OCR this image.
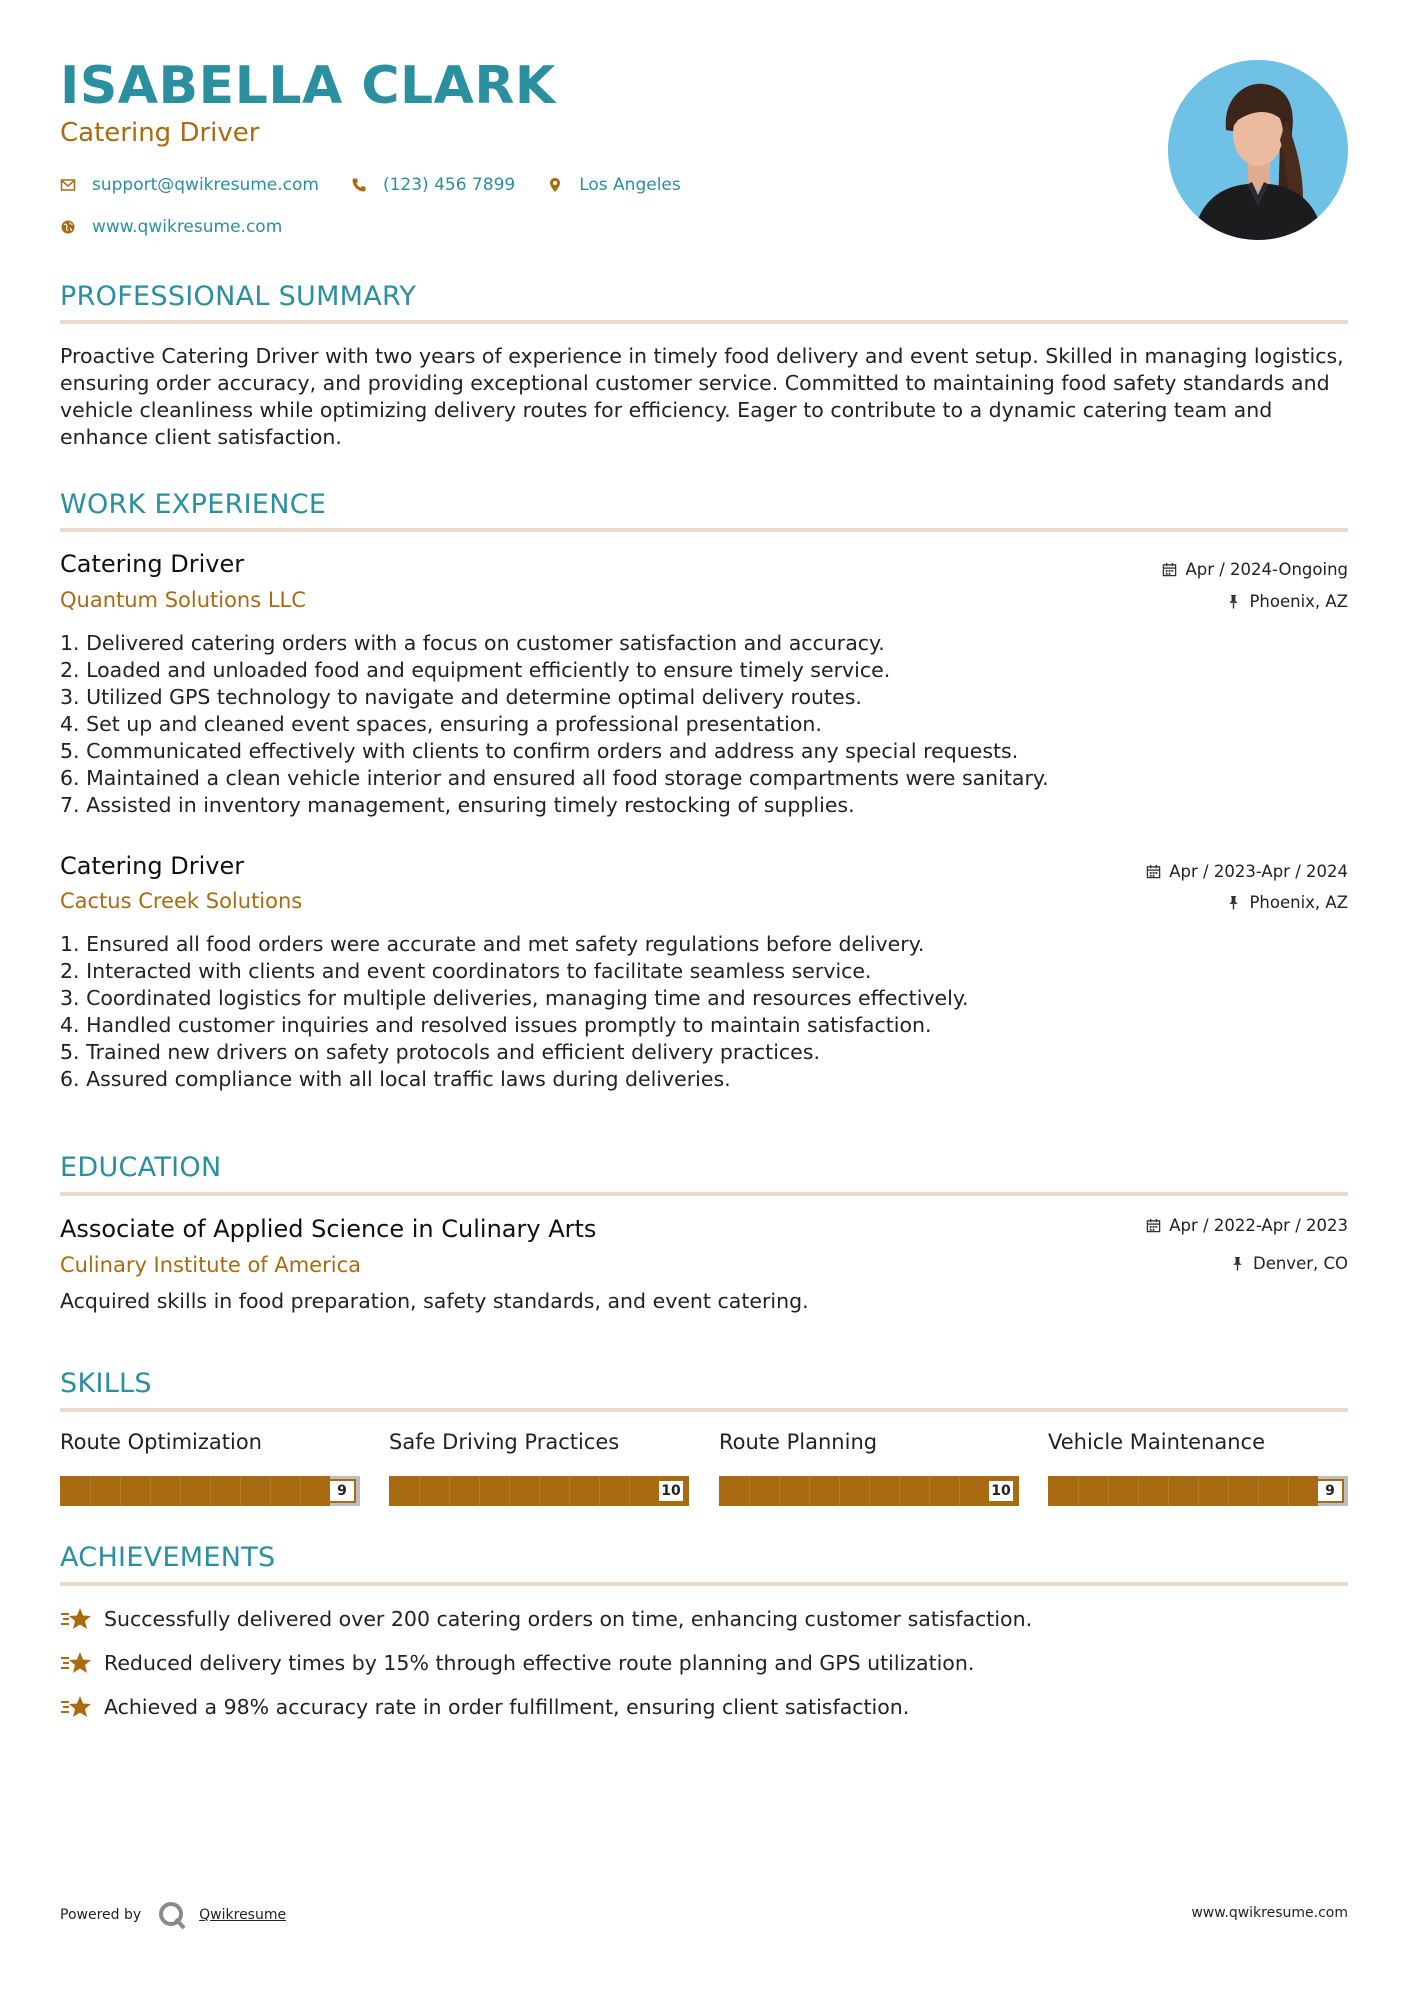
ISABELLA CLARK
Catering Driver
support@qwikresume.com	(123) 456 7899	Los Angeles
www.qwikresume.com
PROFESSIONAL SUMMARY
Proactive Catering Driver with two years of experience in timely food delivery and event setup. Skilled in managing logistics, ensuring order accuracy, and providing exceptional customer service. Committed to maintaining food safety standards and vehicle cleanliness while optimizing delivery routes for efficiency. Eager to contribute to a dynamic catering team and enhance client satisfaction.
WORK EXPERIENCE
Catering Driver
Quantum Solutions LLC
Apr / 2024-Ongoing
Phoenix, AZ
1. Delivered catering orders with a focus on customer satisfaction and accuracy.
2. Loaded and unloaded food and equipment efficiently to ensure timely service.
3. Utilized GPS technology to navigate and determine optimal delivery routes.
4. Set up and cleaned event spaces, ensuring a professional presentation.
5. Communicated effectively with clients to confirm orders and address any special requests.
6. Maintained a clean vehicle interior and ensured all food storage compartments were sanitary.
7. Assisted in inventory management, ensuring timely restocking of supplies.
Catering Driver
Cactus Creek Solutions
Apr / 2023-Apr / 2024
Phoenix, AZ
1. Ensured all food orders were accurate and met safety regulations before delivery.
2. Interacted with clients and event coordinators to facilitate seamless service.
3. Coordinated logistics for multiple deliveries, managing time and resources effectively.
4. Handled customer inquiries and resolved issues promptly to maintain satisfaction.
5. Trained new drivers on safety protocols and efficient delivery practices.
6. Assured compliance with all local traffic laws during deliveries.
EDUCATION
Associate of Applied Science in Culinary Arts
Culinary Institute of America
Apr / 2022-Apr / 2023
Denver, CO
Acquired skills in food preparation, safety standards, and event catering.
SKILLS
Route Optimization
9
Safe Driving Practices
10
Route Planning
10
Vehicle Maintenance
9
ACHIEVEMENTS
Successfully delivered over 200 catering orders on time, enhancing customer satisfaction.
Reduced delivery times by 15% through effective route planning and GPS utilization.
Achieved a 98% accuracy rate in order fulfillment, ensuring client satisfaction.
Powered by	Qwikresume	www.qwikresume.com
